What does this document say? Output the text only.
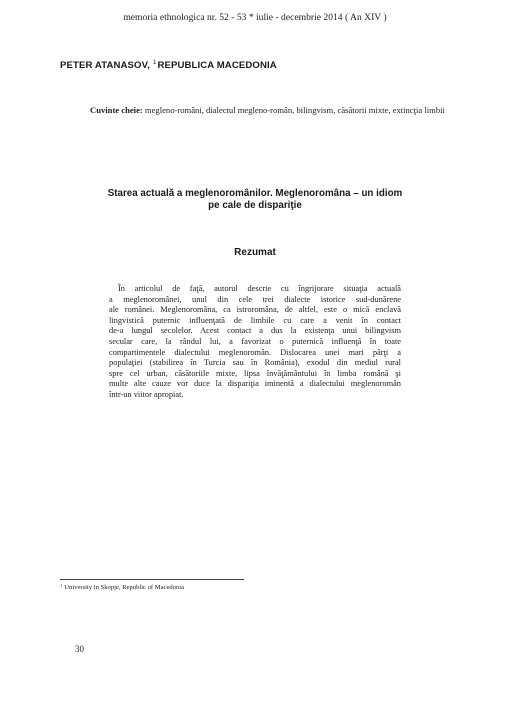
memoria ethnologica nr. 52 - 53 * iulie - decembrie 2014 ( An XIV )
PETER ATANASOV, $^1$REPUBLICA MACEDONIA
Cuvinte cheie: megleno-români, dialectul megleno-român, bilingvism, căsătorii mixte, extincţia limbii
Starea actuală a meglenoromânilor. Meglenoromâna – un idiom
pe cale de dispariţie
Rezumat
În articolul de faţă, autorul descrie cu îngrijorare situaţia actuală
a meglenoromânei, unul din cele trei dialecte istorice sud-dunărene
ale românei. Meglenoromâna, ca istroromâna, de altfel, este o mică enclavă
lingvistică puternic influenţată de limbile cu care a venit în contact
de-a lungul secolelor. Acest contact a dus la existenţa unui bilingvism
secular care, la rândul lui, a favorizat o puternică influenţă în toate
compartimentele dialectului meglenoromân. Dislocarea unei mari părţi a
populaţiei (stabilirea în Turcia sau în România), exodul din mediul rural
spre cel urban, căsătoriile mixte, lipsa învăţământului în limba română şi
multe alte cauze vor duce la dispariţia iminentă a dialectului meglenoromân
într-un viitor apropiat.
$^1$ University in Skopje, Republic of Macedonia
30
